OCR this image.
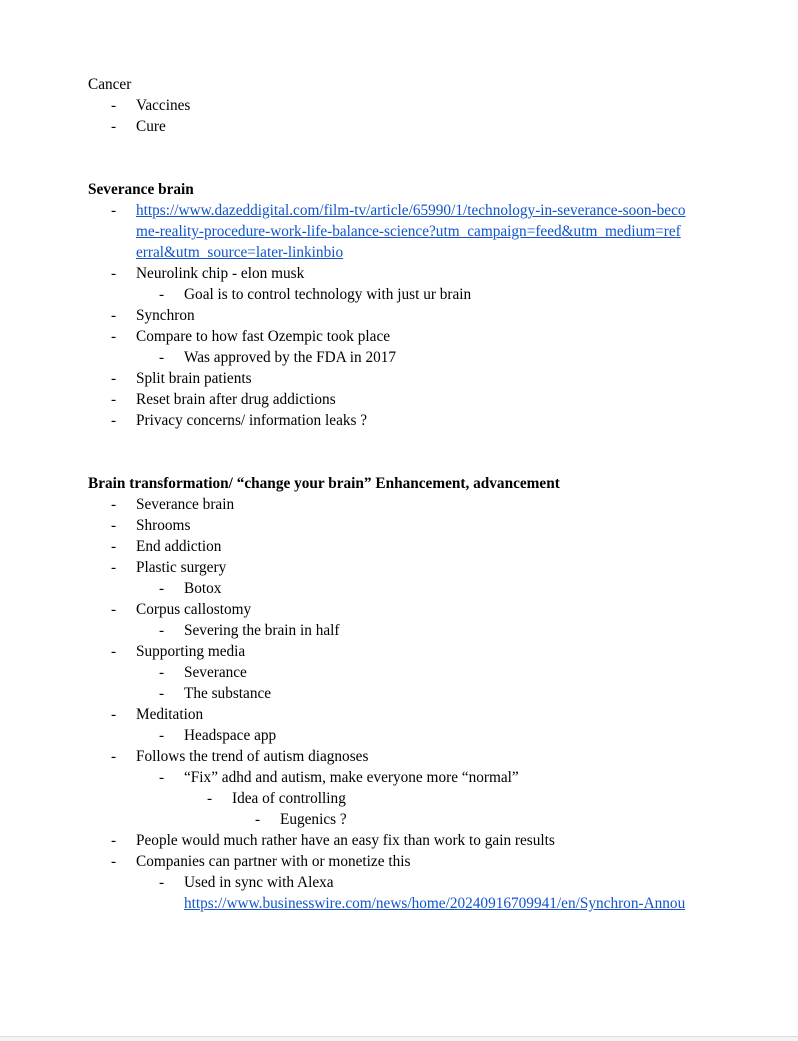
Cancer
- Vaccines
- Cure
Severance brain
- https://www.dazeddigital.com/film-tv/article/65990/1/technology-in-severance-soon-beco
me-reality-procedure-work-life-balance-science?utm_campaign=feed&utm_medium=ref
erral&utm_source=later-linkinbio
- Neurolink chip - elon musk
- Goal is to control technology with just ur brain
- Synchron
- Compare to how fast Ozempic took place
- Was approved by the FDA in 2017
- Split brain patients
- Reset brain after drug addictions
- Privacy concerns/ information leaks ?
Brain transformation/ “change your brain” Enhancement, advancement
- Severance brain
- Shrooms
- End addiction
- Plastic surgery
- Botox
- Corpus callostomy
- Severing the brain in half
- Supporting media
- Severance
- The substance
- Meditation
- Headspace app
- Follows the trend of autism diagnoses
- “Fix” adhd and autism, make everyone more “normal”
- Idea of controlling
- Eugenics ?
- People would much rather have an easy fix than work to gain results
- Companies can partner with or monetize this
- Used in sync with Alexa
https://www.businesswire.com/news/home/20240916709941/en/Synchron-Annou
